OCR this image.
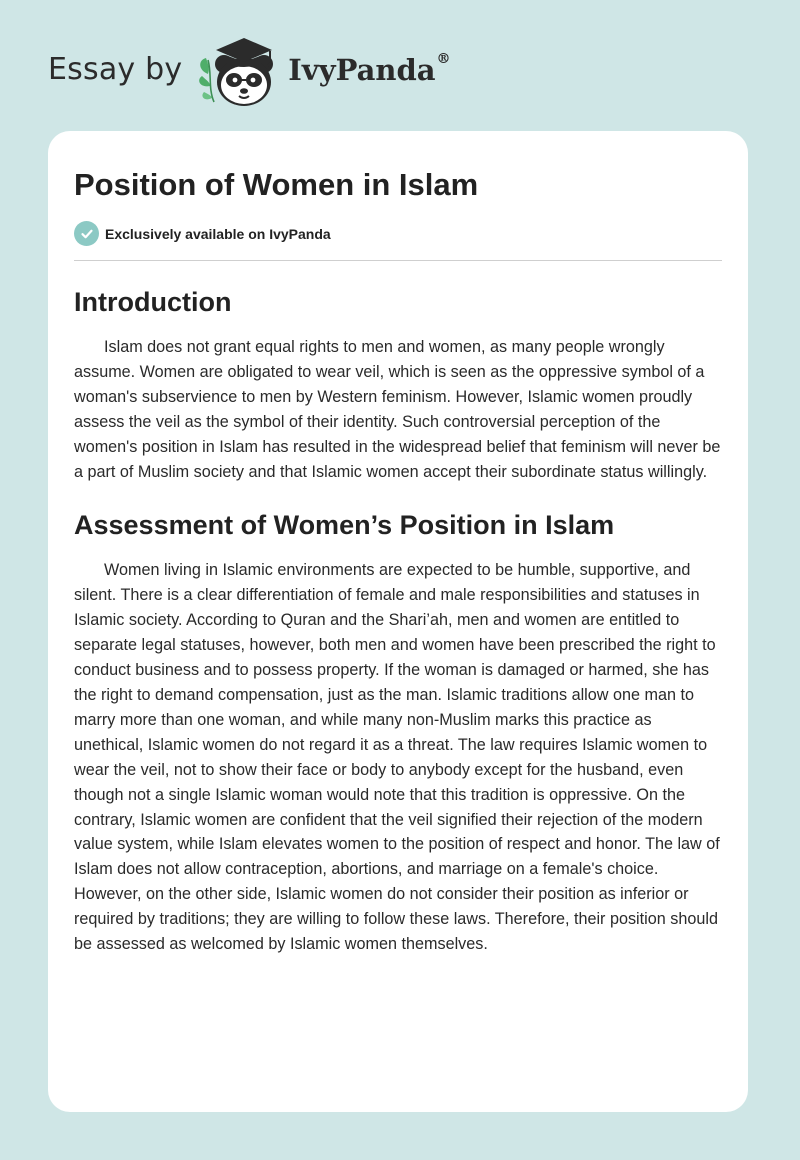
Essay by	IvyPanda®
Position of Women in Islam
Exclusively available on IvyPanda
Introduction

Islam does not grant equal rights to men and women, as many people wrongly assume. Women are obligated to wear veil, which is seen as the oppressive symbol of a woman's subservience to men by Western feminism. However, Islamic women proudly assess the veil as the symbol of their identity. Such controversial perception of the women's position in Islam has resulted in the widespread belief that feminism will never be a part of Muslim society and that Islamic women accept their subordinate status willingly.

Assessment of Women’s Position in Islam

Women living in Islamic environments are expected to be humble, supportive, and silent. There is a clear differentiation of female and male responsibilities and statuses in Islamic society. According to Quran and the Shari’ah, men and women are entitled to separate legal statuses, however, both men and women have been prescribed the right to conduct business and to possess property. If the woman is damaged or harmed, she has the right to demand compensation, just as the man. Islamic traditions allow one man to marry more than one woman, and while many non-Muslim marks this practice as unethical, Islamic women do not regard it as a threat. The law requires Islamic women to wear the veil, not to show their face or body to anybody except for the husband, even though not a single Islamic woman would note that this tradition is oppressive. On the contrary, Islamic women are confident that the veil signified their rejection of the modern value system, while Islam elevates women to the position of respect and honor. The law of Islam does not allow contraception, abortions, and marriage on a female's choice. However, on the other side, Islamic women do not consider their position as inferior or required by traditions; they are willing to follow these laws. Therefore, their position should be assessed as welcomed by Islamic women themselves.
